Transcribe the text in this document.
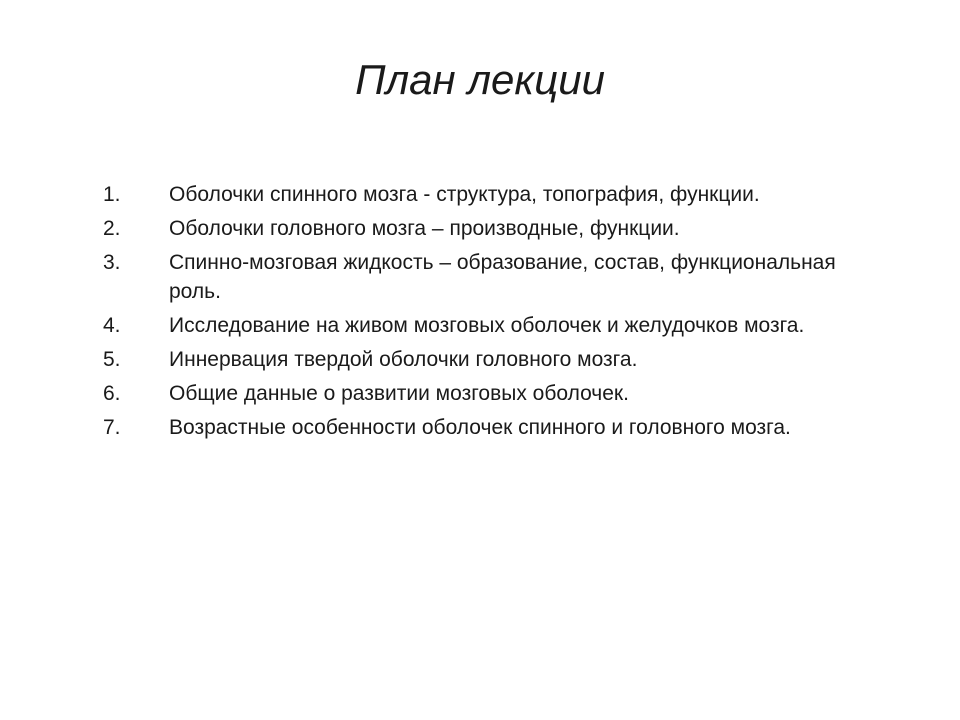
План лекции
1.	Оболочки спинного мозга - структура, топография, функции.
2.	Оболочки головного мозга – производные, функции.
3.	Спинно-мозговая жидкость – образование, состав, функциональная роль.
4.	Исследование на живом мозговых оболочек и желудочков мозга.
5.	Иннервация твердой оболочки головного мозга.
6.	Общие данные о развитии мозговых оболочек.
7.	Возрастные особенности оболочек спинного и головного мозга.
